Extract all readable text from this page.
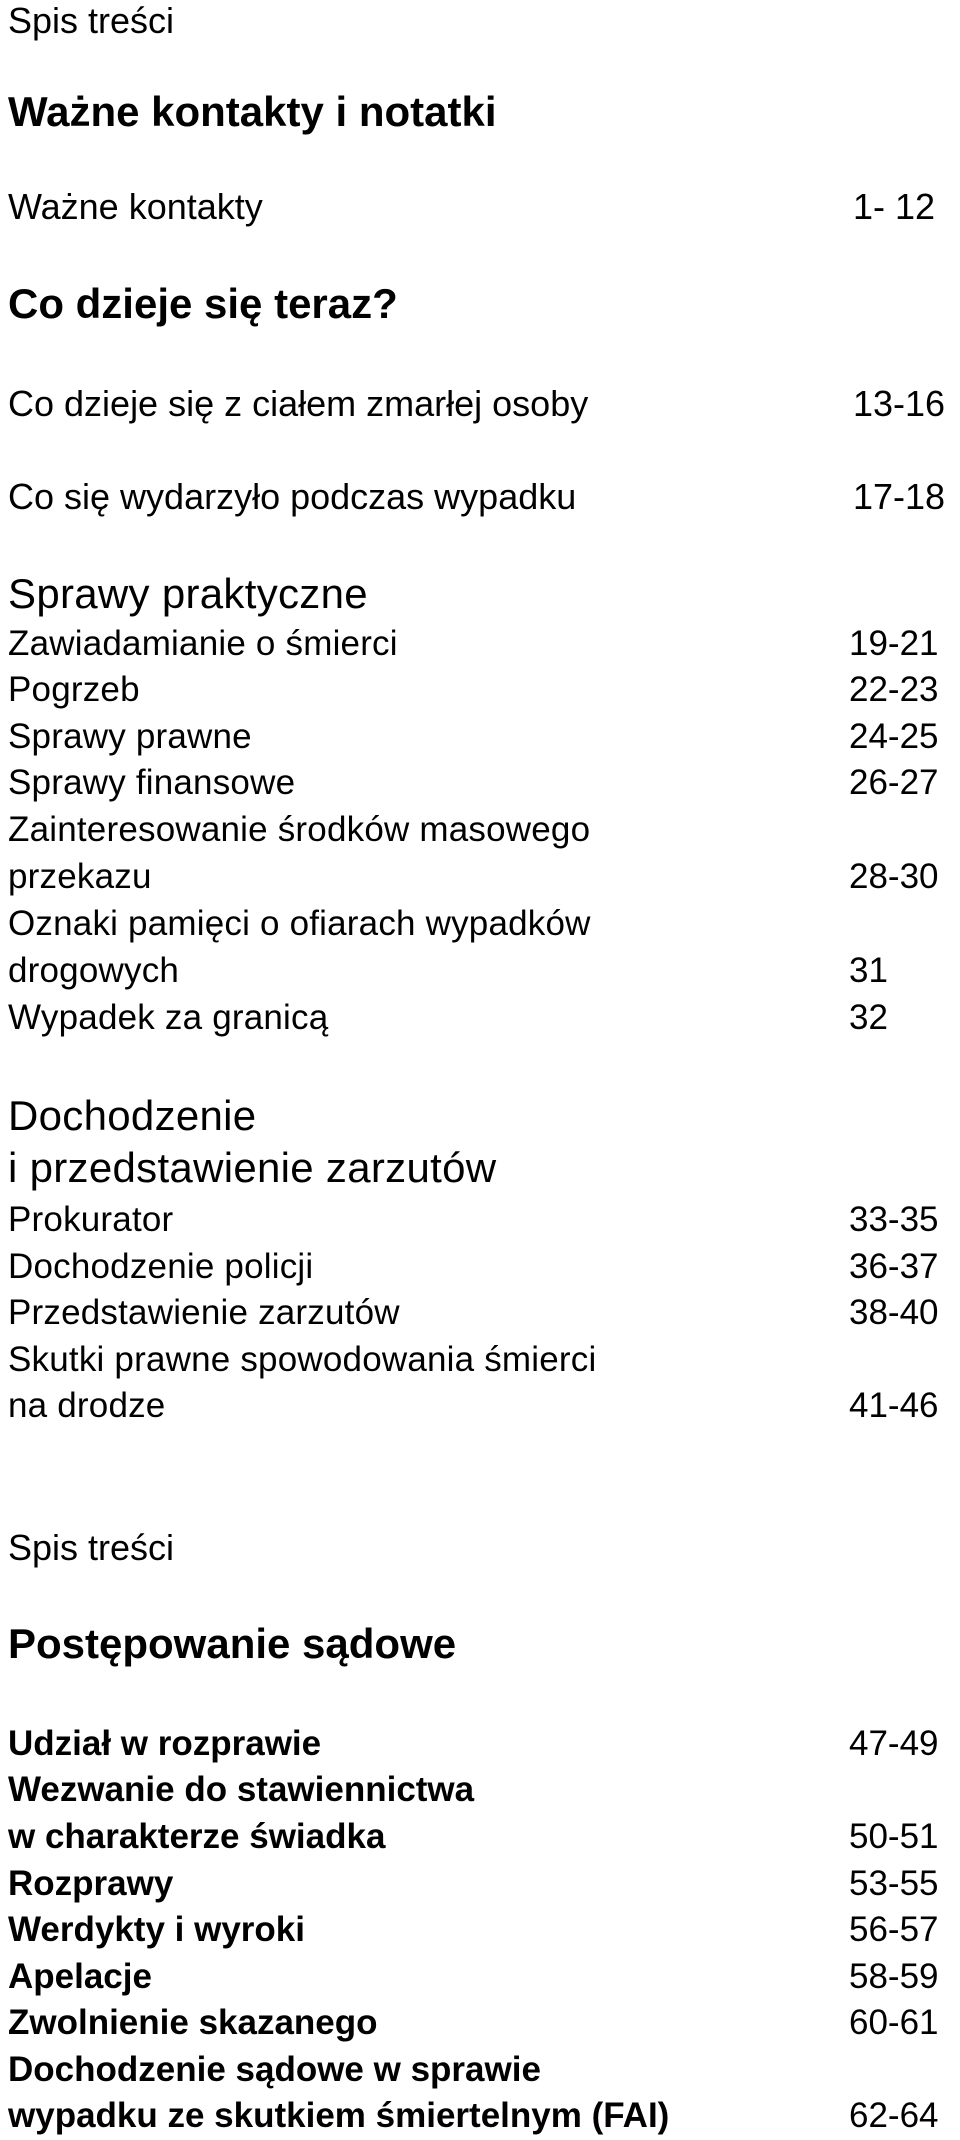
Spis treści
Ważne kontakty i notatki
Ważne kontakty	1- 12
Co dzieje się teraz?
Co dzieje się z ciałem zmarłej osoby	13-16
Co się wydarzyło podczas wypadku	17-18
Sprawy praktyczne
Zawiadamianie o śmierci	19-21
Pogrzeb	22-23
Sprawy prawne	24-25
Sprawy finansowe	26-27
Zainteresowanie środków masowego
przekazu	28-30
Oznaki pamięci o ofiarach wypadków
drogowych	31
Wypadek za granicą	32
Dochodzenie
i przedstawienie zarzutów
Prokurator	33-35
Dochodzenie policji	36-37
Przedstawienie zarzutów	38-40
Skutki prawne spowodowania śmierci
na drodze	41-46
Spis treści
Postępowanie sądowe
Udział w rozprawie	47-49
Wezwanie do stawiennictwa
w charakterze świadka	50-51
Rozprawy	53-55
Werdykty i wyroki	56-57
Apelacje	58-59
Zwolnienie skazanego	60-61
Dochodzenie sądowe w sprawie
wypadku ze skutkiem śmiertelnym (FAI)	62-64
